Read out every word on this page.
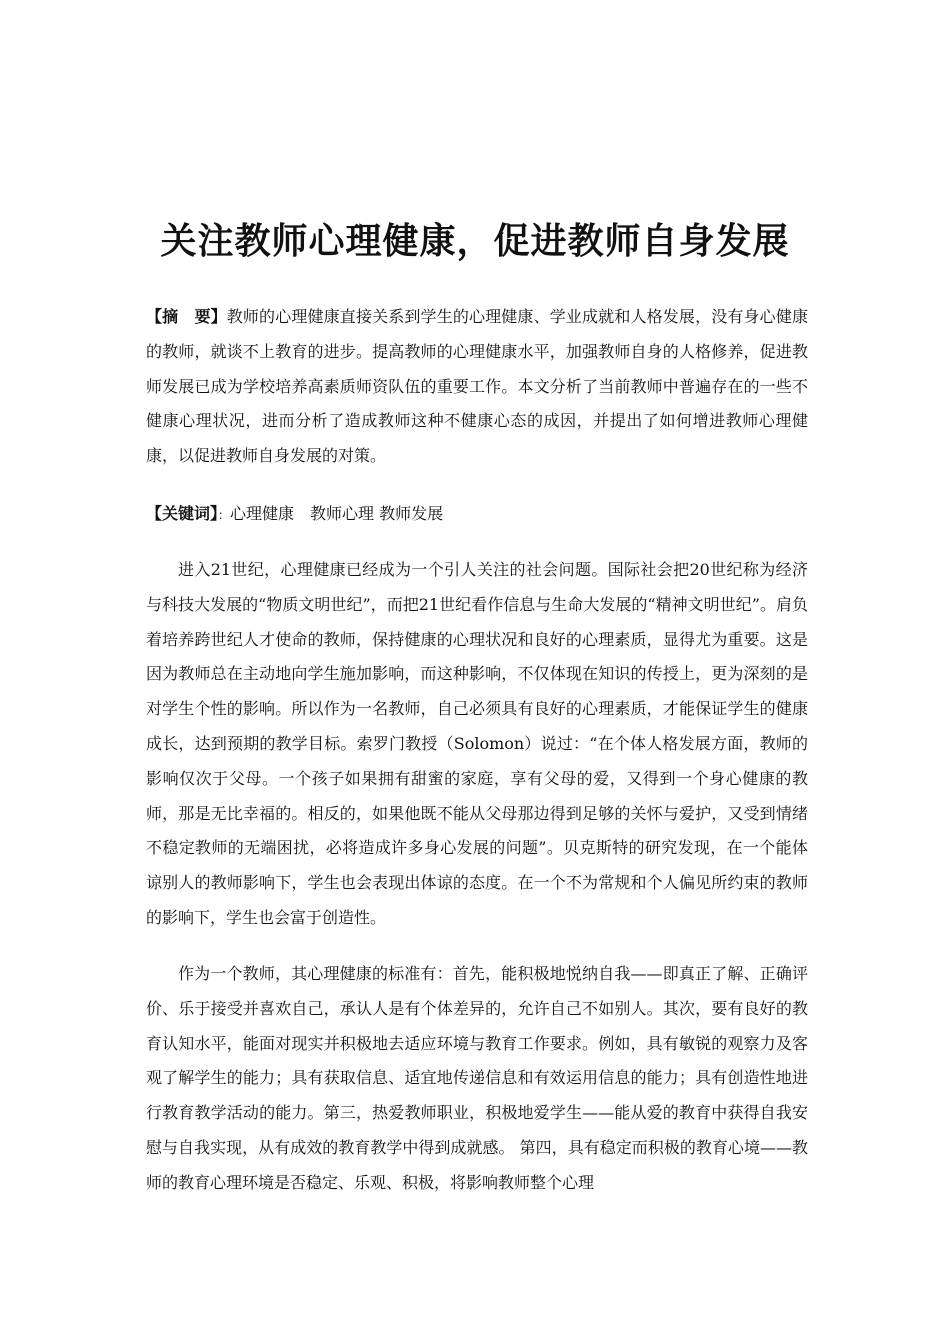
关注教师心理健康，促进教师自身发展

【摘　要】教师的心理健康直接关系到学生的心理健康、学业成就和人格发展，没有身心健康的教师，就谈不上教育的进步。提高教师的心理健康水平，加强教师自身的人格修养，促进教师发展已成为学校培养高素质师资队伍的重要工作。本文分析了当前教师中普遍存在的一些不健康心理状况，进而分析了造成教师这种不健康心态的成因，并提出了如何增进教师心理健康，以促进教师自身发展的对策。

【关键词】：心理健康　教师心理 教师发展

进入21世纪，心理健康已经成为一个引人关注的社会问题。国际社会把20世纪称为经济与科技大发展的“物质文明世纪”，而把21世纪看作信息与生命大发展的“精神文明世纪”。肩负着培养跨世纪人才使命的教师，保持健康的心理状况和良好的心理素质，显得尤为重要。这是因为教师总在主动地向学生施加影响，而这种影响，不仅体现在知识的传授上，更为深刻的是对学生个性的影响。所以作为一名教师，自己必须具有良好的心理素质，才能保证学生的健康成长，达到预期的教学目标。索罗门教授（Solomon）说过：“在个体人格发展方面，教师的影响仅次于父母。一个孩子如果拥有甜蜜的家庭，享有父母的爱，又得到一个身心健康的教师，那是无比幸福的。相反的，如果他既不能从父母那边得到足够的关怀与爱护，又受到情绪不稳定教师的无端困扰，必将造成许多身心发展的问题”。贝克斯特的研究发现，在一个能体谅别人的教师影响下，学生也会表现出体谅的态度。在一个不为常规和个人偏见所约束的教师的影响下，学生也会富于创造性。

作为一个教师，其心理健康的标准有：首先，能积极地悦纳自我——即真正了解、正确评价、乐于接受并喜欢自己，承认人是有个体差异的，允许自己不如别人。其次，要有良好的教育认知水平，能面对现实并积极地去适应环境与教育工作要求。例如，具有敏锐的观察力及客观了解学生的能力；具有获取信息、适宜地传递信息和有效运用信息的能力；具有创造性地进行教育教学活动的能力。第三，热爱教师职业，积极地爱学生——能从爱的教育中获得自我安慰与自我实现，从有成效的教育教学中得到成就感。 第四，具有稳定而积极的教育心境——教师的教育心理环境是否稳定、乐观、积极，将影响教师整个心理
